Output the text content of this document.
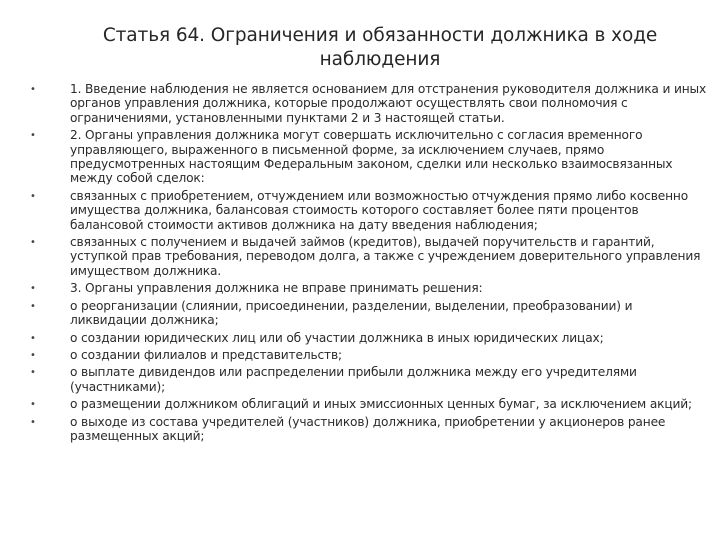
Статья 64. Ограничения и обязанности должника в ходе наблюдения
•	1. Введение наблюдения не является основанием для отстранения руководителя должника и иных органов управления должника, которые продолжают осуществлять свои полномочия с ограничениями, установленными пунктами 2 и 3 настоящей статьи.
•	2. Органы управления должника могут совершать исключительно с согласия временного управляющего, выраженного в письменной форме, за исключением случаев, прямо предусмотренных настоящим Федеральным законом, сделки или несколько взаимосвязанных между собой сделок:
•	связанных с приобретением, отчуждением или возможностью отчуждения прямо либо косвенно имущества должника, балансовая стоимость которого составляет более пяти процентов балансовой стоимости активов должника на дату введения наблюдения;
•	связанных с получением и выдачей займов (кредитов), выдачей поручительств и гарантий, уступкой прав требования, переводом долга, а также с учреждением доверительного управления имуществом должника.
•	3. Органы управления должника не вправе принимать решения:
•	о реорганизации (слиянии, присоединении, разделении, выделении, преобразовании) и ликвидации должника;
•	о создании юридических лиц или об участии должника в иных юридических лицах;
•	о создании филиалов и представительств;
•	о выплате дивидендов или распределении прибыли должника между его учредителями (участниками);
•	о размещении должником облигаций и иных эмиссионных ценных бумаг, за исключением акций;
•	о выходе из состава учредителей (участников) должника, приобретении у акционеров ранее размещенных акций;
